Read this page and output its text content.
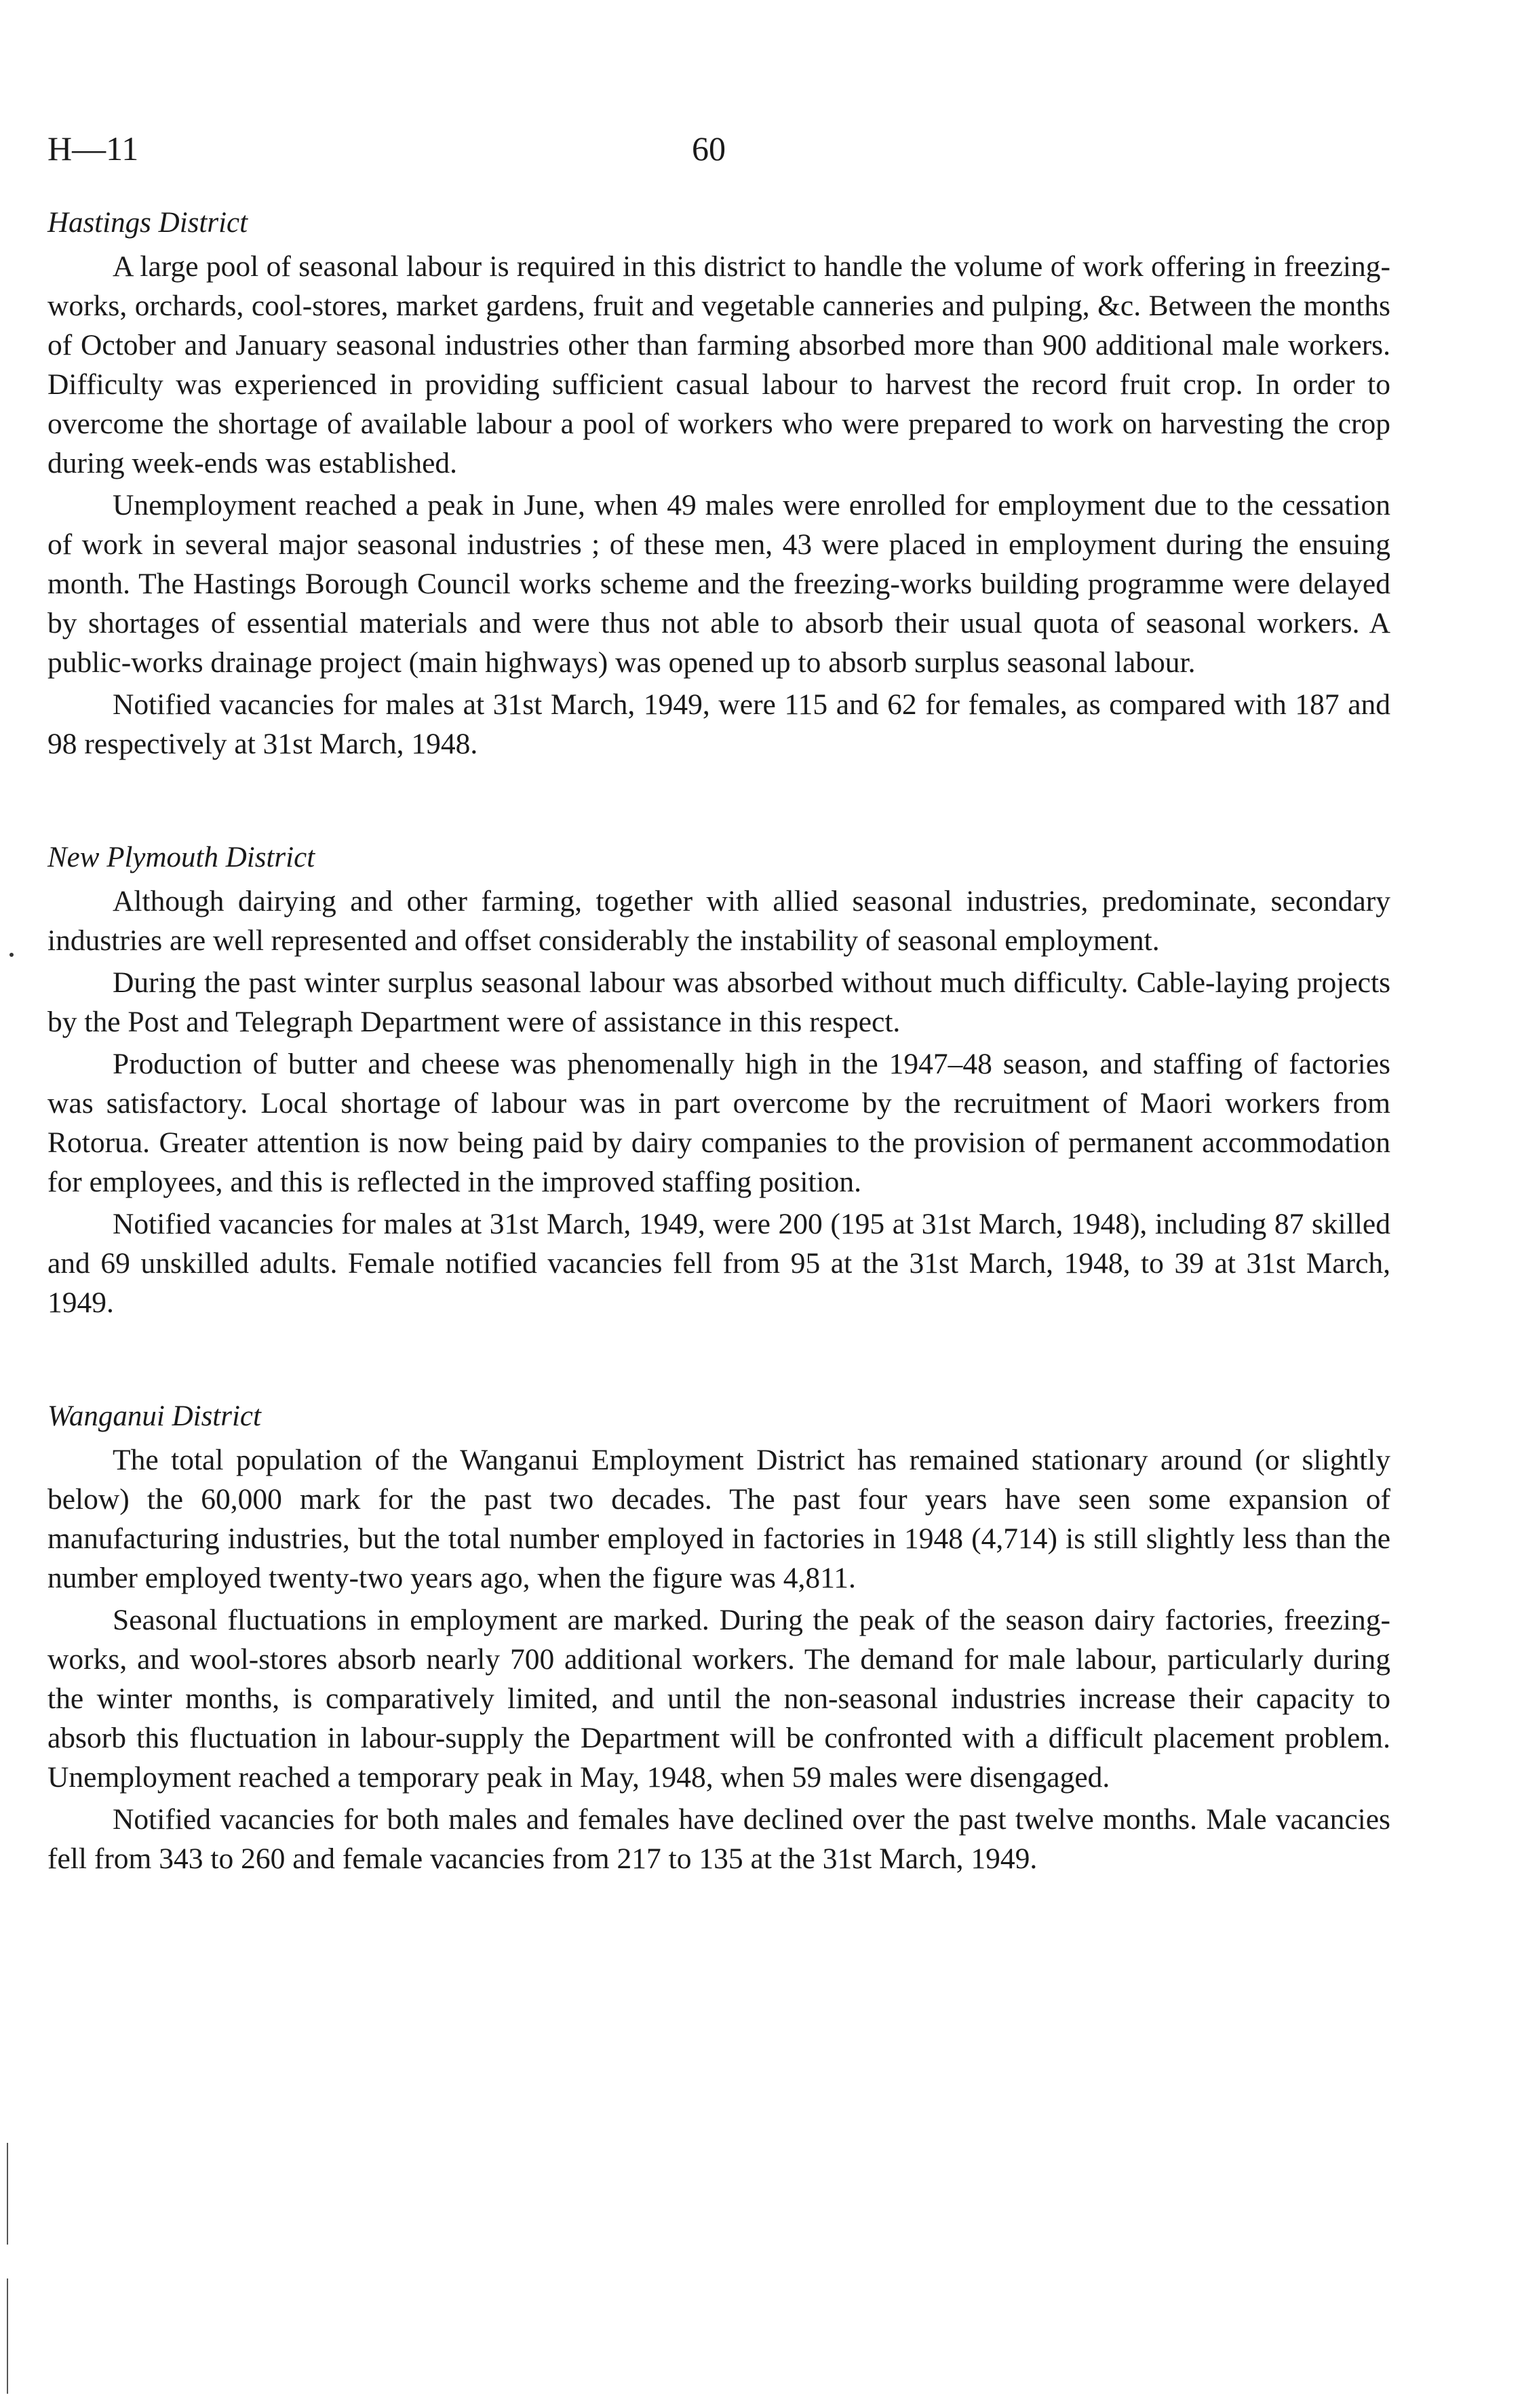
H—11	60
Hastings District

A large pool of seasonal labour is required in this district to handle the volume of work offering in freezing-works, orchards, cool-stores, market gardens, fruit and vegetable canneries and pulping, &c. Between the months of October and January seasonal industries other than farming absorbed more than 900 additional male workers. Difficulty was experienced in providing sufficient casual labour to harvest the record fruit crop. In order to overcome the shortage of available labour a pool of workers who were prepared to work on harvesting the crop during week-ends was established.

Unemployment reached a peak in June, when 49 males were enrolled for employment due to the cessation of work in several major seasonal industries ; of these men, 43 were placed in employment during the ensuing month. The Hastings Borough Council works scheme and the freezing-works building programme were delayed by shortages of essential materials and were thus not able to absorb their usual quota of seasonal workers. A public-works drainage project (main highways) was opened up to absorb surplus seasonal labour.

Notified vacancies for males at 31st March, 1949, were 115 and 62 for females, as compared with 187 and 98 respectively at 31st March, 1948.

New Plymouth District

Although dairying and other farming, together with allied seasonal industries, predominate, secondary industries are well represented and offset considerably the instability of seasonal employment.

During the past winter surplus seasonal labour was absorbed without much difficulty. Cable-laying projects by the Post and Telegraph Department were of assistance in this respect.

Production of butter and cheese was phenomenally high in the 1947–48 season, and staffing of factories was satisfactory. Local shortage of labour was in part overcome by the recruitment of Maori workers from Rotorua. Greater attention is now being paid by dairy companies to the provision of permanent accommodation for employees, and this is reflected in the improved staffing position.

Notified vacancies for males at 31st March, 1949, were 200 (195 at 31st March, 1948), including 87 skilled and 69 unskilled adults. Female notified vacancies fell from 95 at the 31st March, 1948, to 39 at 31st March, 1949.

Wanganui District

The total population of the Wanganui Employment District has remained stationary around (or slightly below) the 60,000 mark for the past two decades. The past four years have seen some expansion of manufacturing industries, but the total number employed in factories in 1948 (4,714) is still slightly less than the number employed twenty-two years ago, when the figure was 4,811.

Seasonal fluctuations in employment are marked. During the peak of the season dairy factories, freezing-works, and wool-stores absorb nearly 700 additional workers. The demand for male labour, particularly during the winter months, is comparatively limited, and until the non-seasonal industries increase their capacity to absorb this fluctuation in labour-supply the Department will be confronted with a difficult placement problem. Unemployment reached a temporary peak in May, 1948, when 59 males were disengaged.

Notified vacancies for both males and females have declined over the past twelve months. Male vacancies fell from 343 to 260 and female vacancies from 217 to 135 at the 31st March, 1949.
